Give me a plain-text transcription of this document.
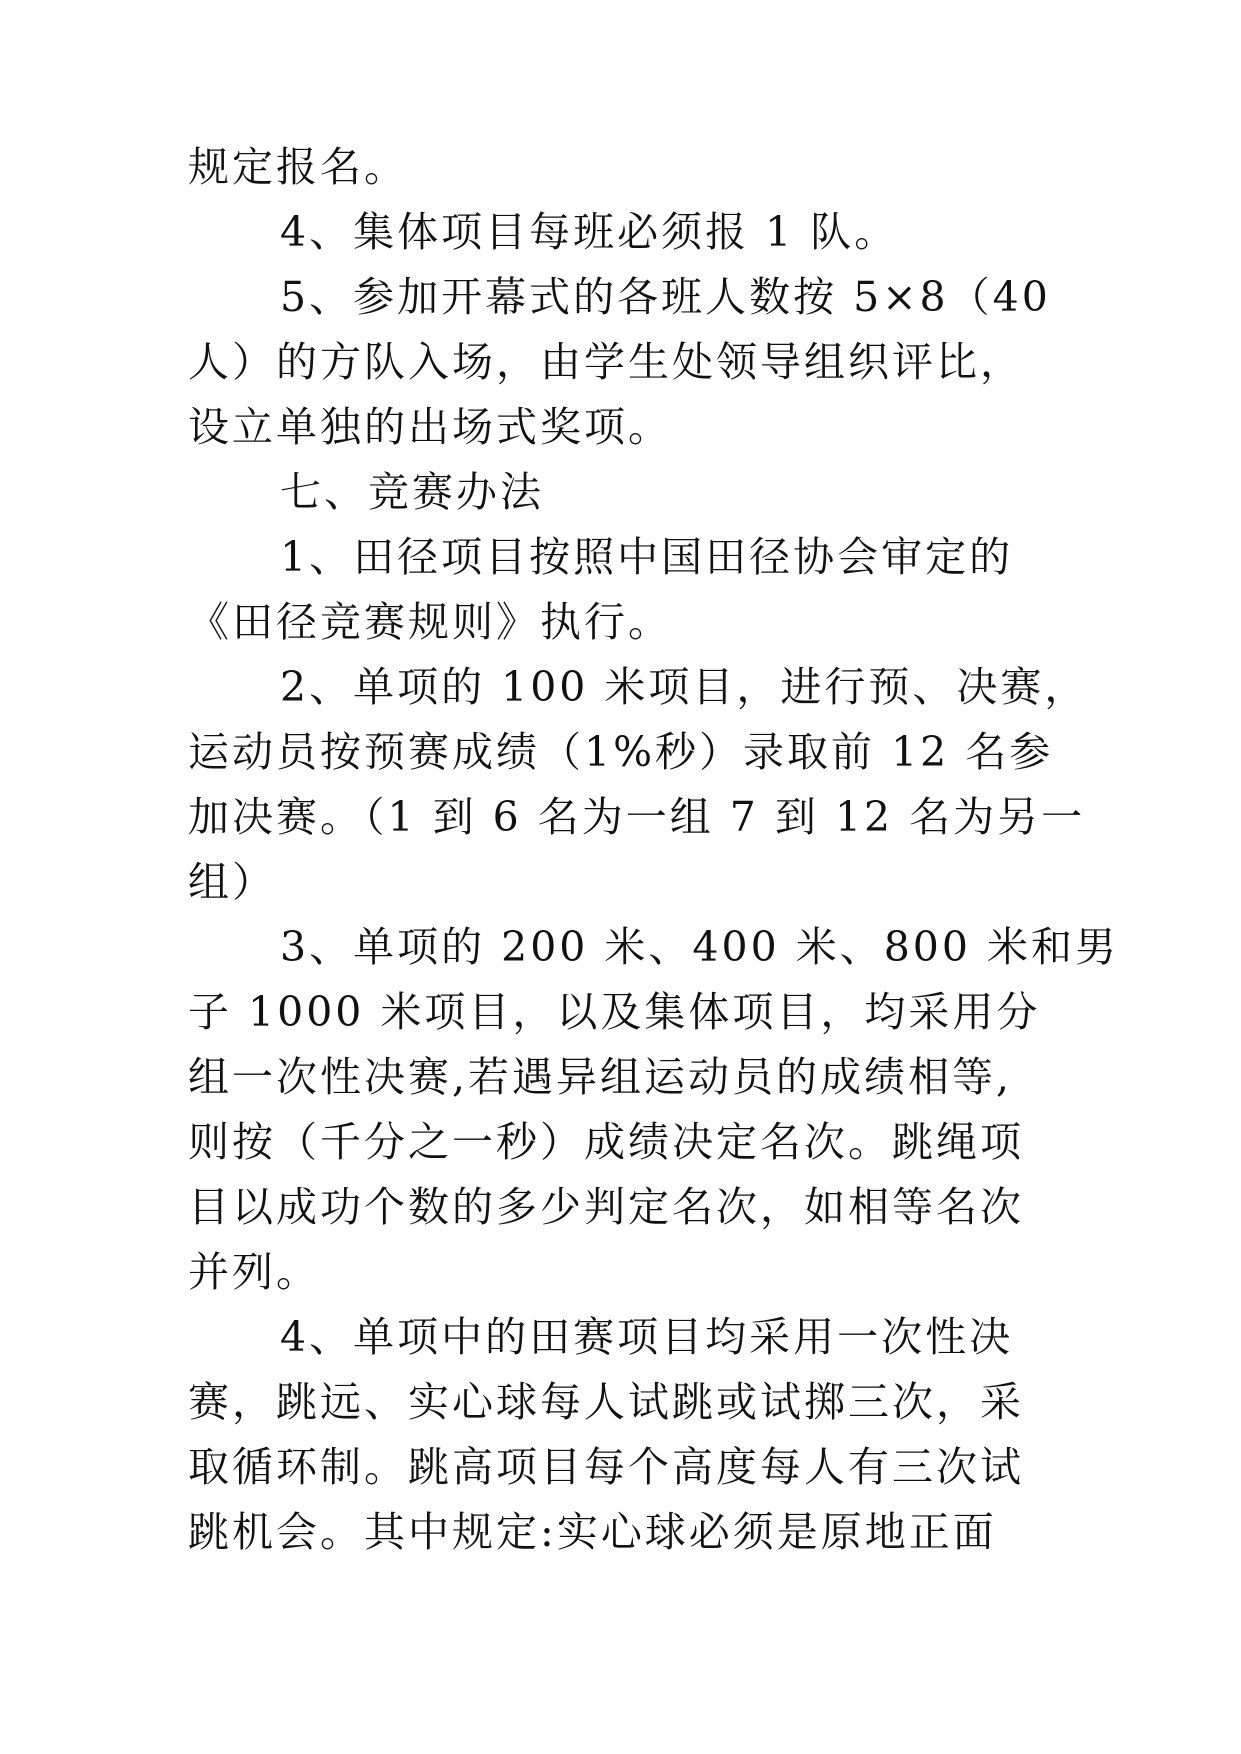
规定报名。

4、集体项目每班必须报 1 队。

5、参加开幕式的各班人数按 5×8（40

人）的方队入场，由学生处领导组织评比，

设立单独的出场式奖项。

七、竞赛办法

1、田径项目按照中国田径协会审定的

《田径竞赛规则》执行。

2、单项的 100 米项目，进行预、决赛，

运动员按预赛成绩（1%秒）录取前 12 名参

加决赛。（1 到 6 名为一组 7 到 12 名为另一

组）

3、单项的 200 米、400 米、800 米和男

子 1000 米项目，以及集体项目，均采用分

组一次性决赛,若遇异组运动员的成绩相等,

则按（千分之一秒）成绩决定名次。跳绳项

目以成功个数的多少判定名次，如相等名次

并列。

4、单项中的田赛项目均采用一次性决

赛，跳远、实心球每人试跳或试掷三次，采

取循环制。跳高项目每个高度每人有三次试

跳机会。其中规定:实心球必须是原地正面
